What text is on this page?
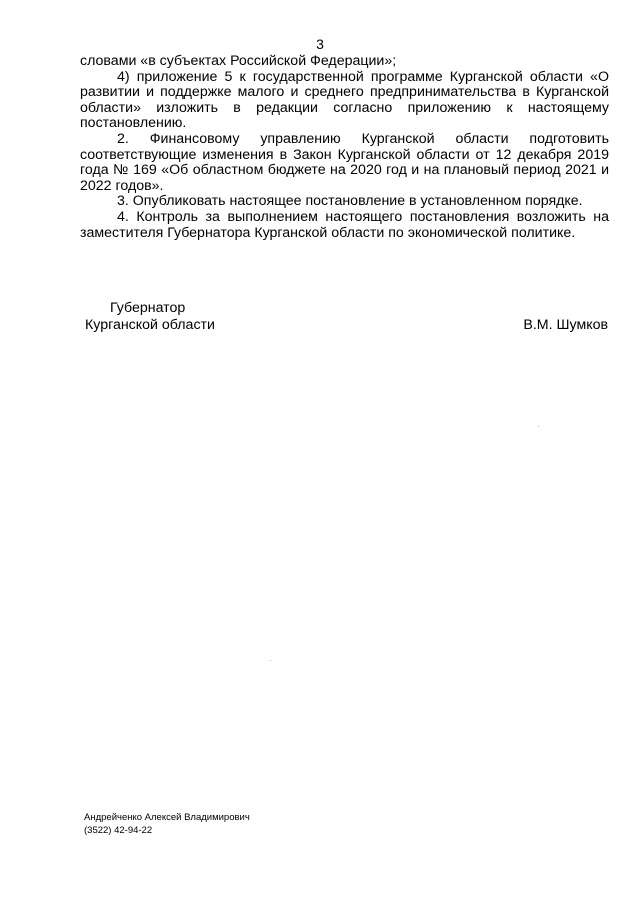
3

словами «в субъектах Российской Федерации»;

4) приложение 5 к государственной программе Курганской области «О развитии и поддержке малого и среднего предпринимательства в Курганской области» изложить в редакции согласно приложению к настоящему постановлению.

2. Финансовому управлению Курганской области подготовить соответствующие изменения в Закон Курганской области от 12 декабря 2019 года № 169 «Об областном бюджете на 2020 год и на плановый период 2021 и 2022 годов».

3. Опубликовать настоящее постановление в установленном порядке.

4. Контроль за выполнением настоящего постановления возложить на заместителя Губернатора Курганской области по экономической политике.

Губернатор
Курганской области	В.М. Шумков
Андрейченко Алексей Владимирович
(3522) 42-94-22
